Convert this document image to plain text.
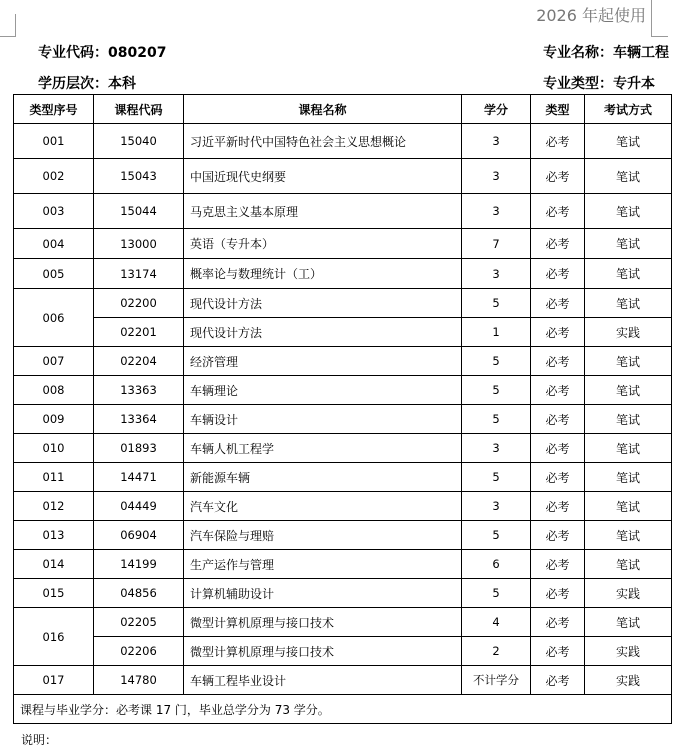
2026 年起使用
专业代码：080207	专业名称：车辆工程
学历层次：本科	专业类型：专升本
类型序号	课程代码	课程名称	学分	类型	考试方式
001	15040	习近平新时代中国特色社会主义思想概论	3	必考	笔试
002	15043	中国近现代史纲要	3	必考	笔试
003	15044	马克思主义基本原理	3	必考	笔试
004	13000	英语（专升本）	7	必考	笔试
005	13174	概率论与数理统计（工）	3	必考	笔试
006	02200	现代设计方法	5	必考	笔试
	02201	现代设计方法	1	必考	实践
007	02204	经济管理	5	必考	笔试
008	13363	车辆理论	5	必考	笔试
009	13364	车辆设计	5	必考	笔试
010	01893	车辆人机工程学	3	必考	笔试
011	14471	新能源车辆	5	必考	笔试
012	04449	汽车文化	3	必考	笔试
013	06904	汽车保险与理赔	5	必考	笔试
014	14199	生产运作与管理	6	必考	笔试
015	04856	计算机辅助设计	5	必考	实践
016	02205	微型计算机原理与接口技术	4	必考	笔试
	02206	微型计算机原理与接口技术	2	必考	实践
017	14780	车辆工程毕业设计	不计学分	必考	实践
课程与毕业学分：必考课 17 门，毕业总学分为 73 学分。					
说明：
